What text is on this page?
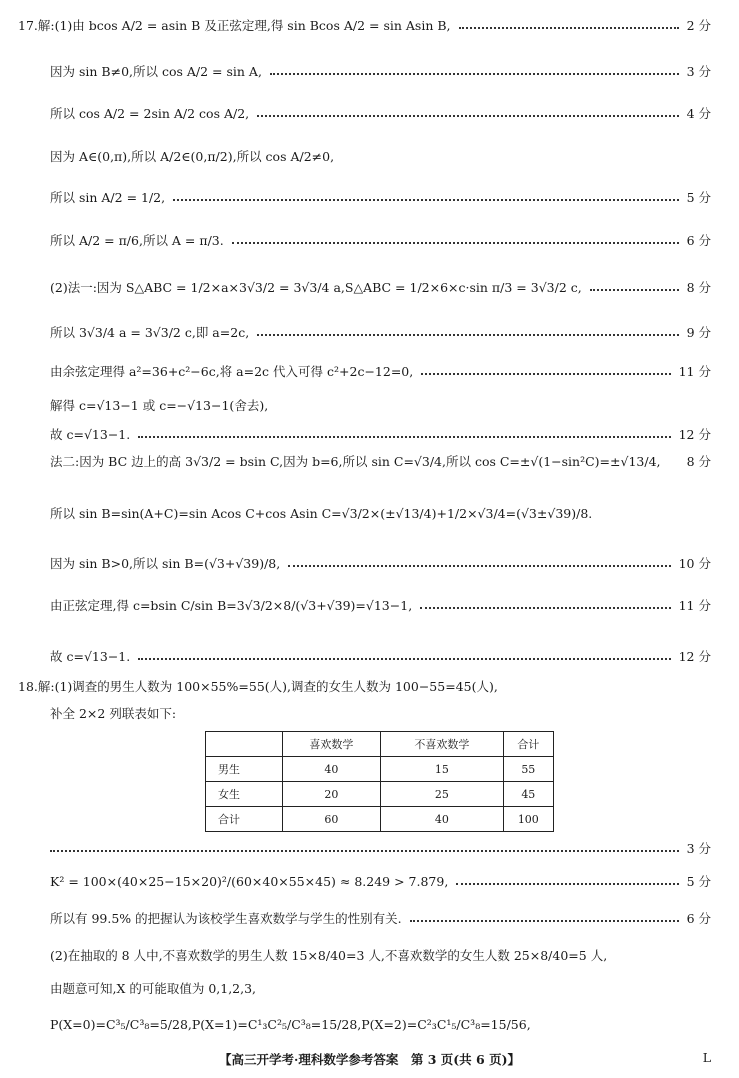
17.解:(1)由 bcos A/2 = asin B 及正弦定理,得 sin Bcos A/2 = sin Asin B,	2 分
因为 sin B≠0,所以 cos A/2 = sin A,	3 分
所以 cos A/2 = 2sin A/2 cos A/2,	4 分
因为 A∈(0,π),所以 A/2∈(0,π/2),所以 cos A/2≠0,
所以 sin A/2 = 1/2,	5 分
所以 A/2 = π/6,所以 A = π/3.	6 分
(2)法一:因为 S△ABC = 1/2×a×3√3/2 = 3√3/4 a,S△ABC = 1/2×6×c·sin π/3 = 3√3/2 c,	8 分
所以 3√3/4 a = 3√3/2 c,即 a=2c,	9 分
由余弦定理得 a²=36+c²−6c,将 a=2c 代入可得 c²+2c−12=0,	11 分
解得 c=√13−1 或 c=−√13−1(舍去),
故 c=√13−1.	12 分
法二:因为 BC 边上的高 3√3/2 = bsin C,因为 b=6,所以 sin C=√3/4,所以 cos C=±√(1−sin²C)=±√13/4, 8 分
所以 sin B=sin(A+C)=sin Acos C+cos Asin C=√3/2×(±√13/4)+1/2×√3/4=(√3±√39)/8.
因为 sin B>0,所以 sin B=(√3+√39)/8,	10 分
由正弦定理,得 c=bsin C/sin B=3√3/2×8/(√3+√39)=√13−1,	11 分
故 c=√13−1.	12 分
18.解:(1)调查的男生人数为 100×55%=55(人),调查的女生人数为 100−55=45(人),
补全 2×2 列联表如下:
3 分
K² = 100×(40×25−15×20)²/(60×40×55×45) ≈ 8.249 > 7.879,	5 分
所以有 99.5% 的把握认为该校学生喜欢数学与学生的性别有关.	6 分
(2)在抽取的 8 人中,不喜欢数学的男生人数 15×8/40=3 人,不喜欢数学的女生人数 25×8/40=5 人,
由题意可知,X 的可能取值为 0,1,2,3,
P(X=0)=C³₅/C³₈=5/28,P(X=1)=C¹₃C²₅/C³₈=15/28,P(X=2)=C²₃C¹₅/C³₈=15/56,
	喜欢数学	不喜欢数学	合计
男生	40	15	55
女生	20	25	45
合计	60	40	100
【高三开学考·理科数学参考答案　第 3 页(共 6 页)】	L
